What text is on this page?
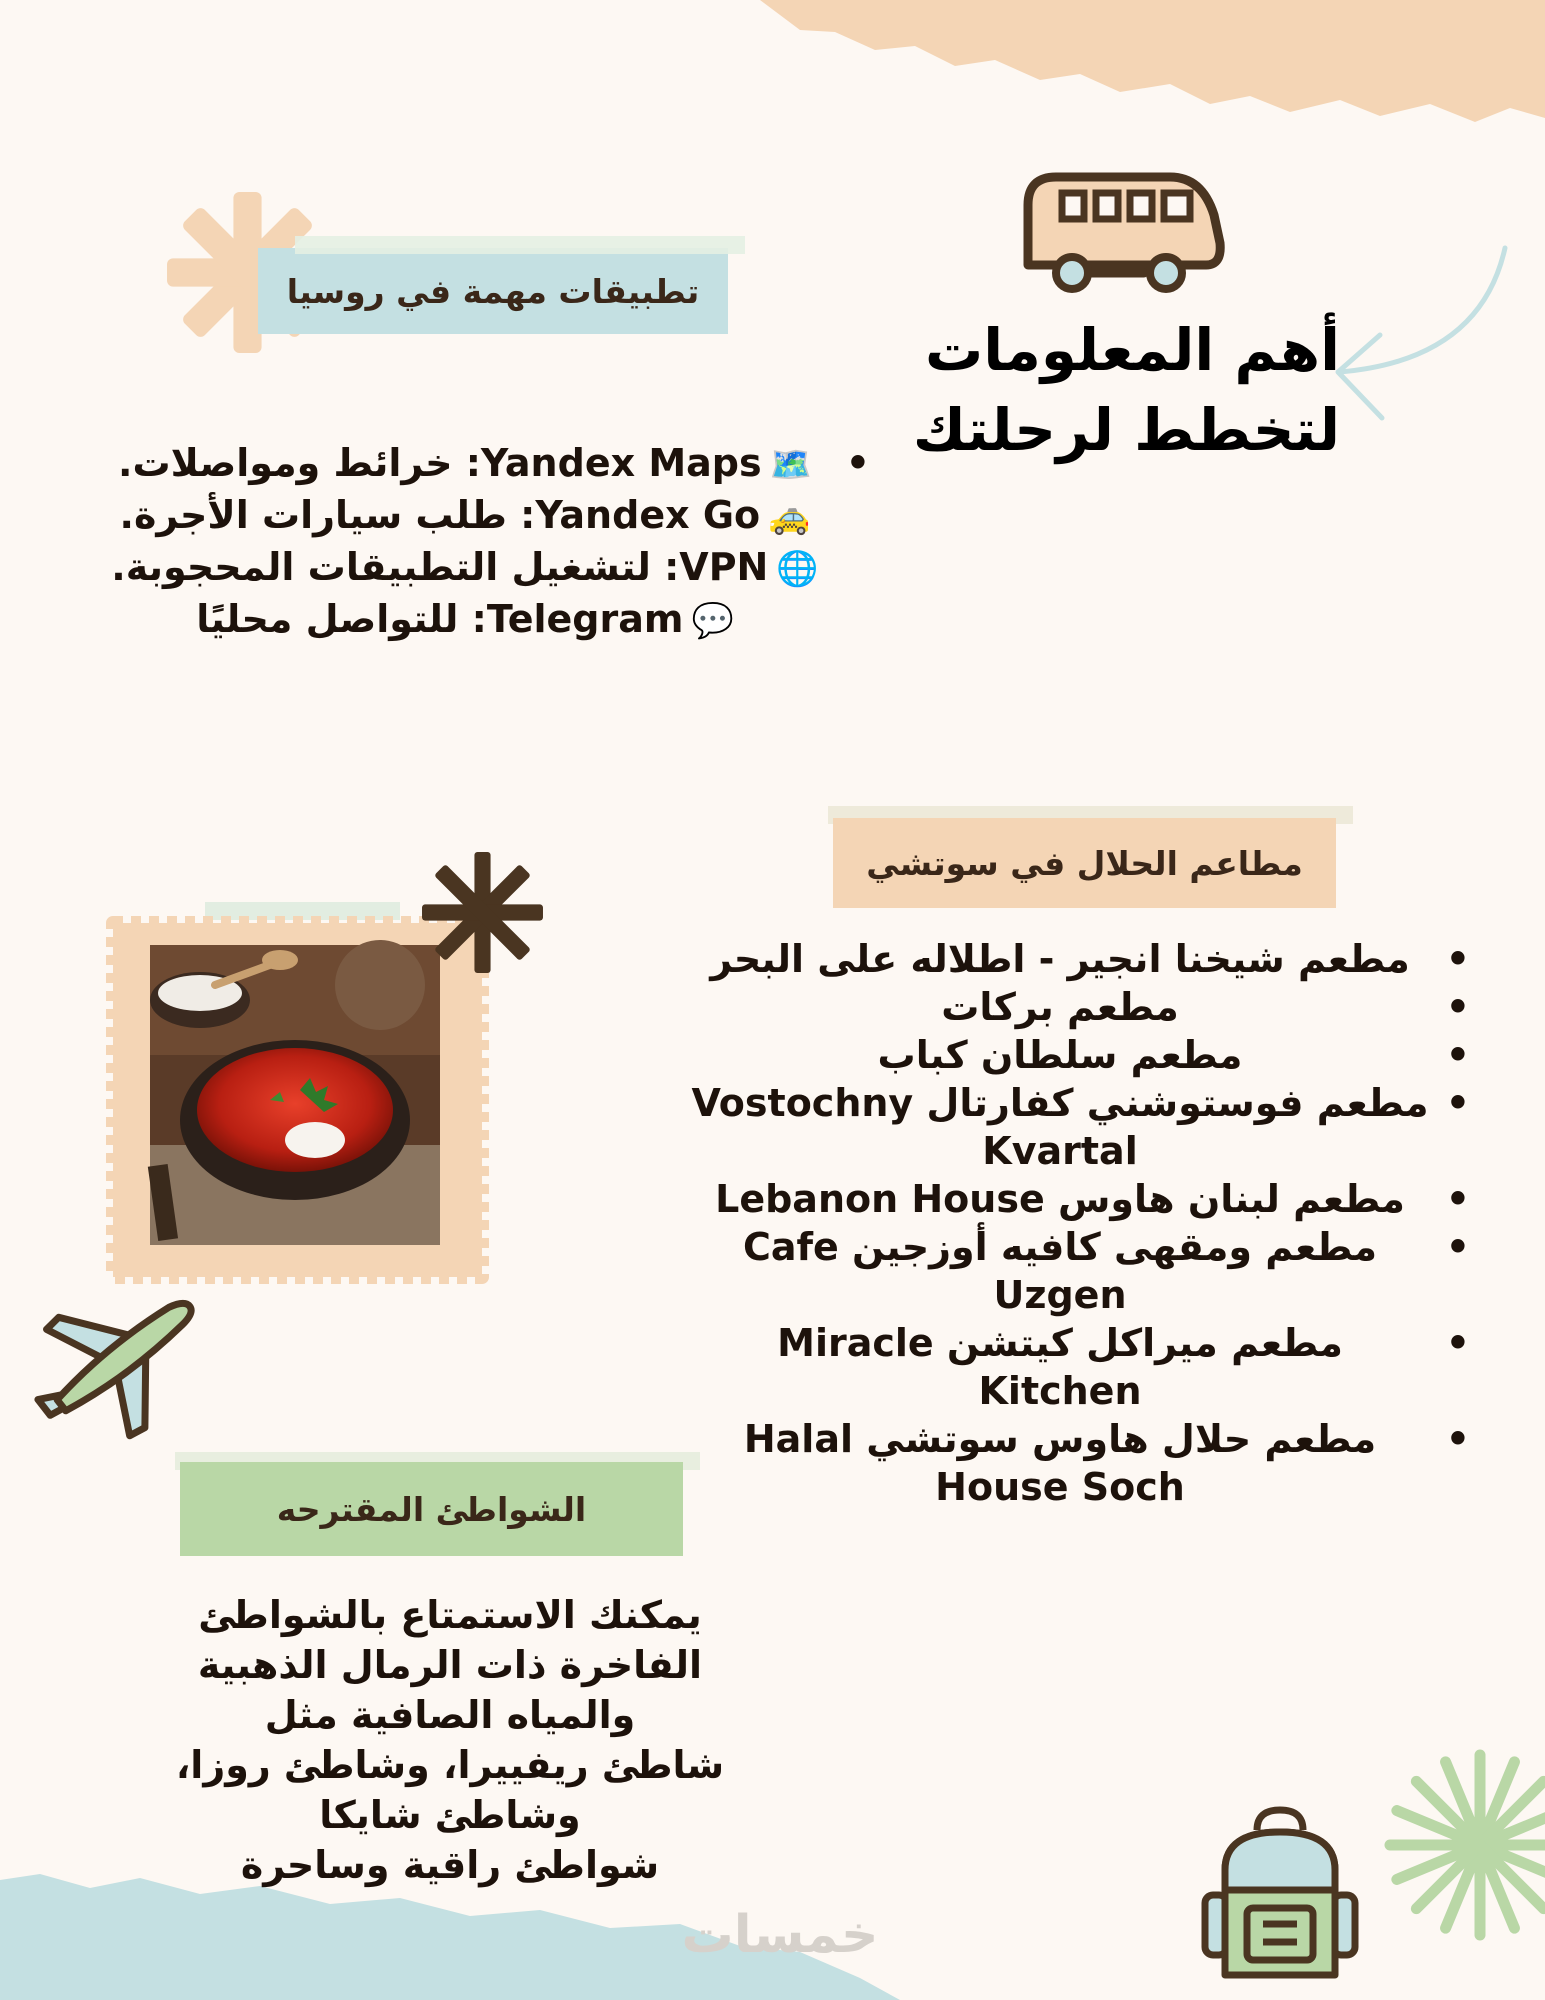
أهم المعلومات
لتخطط لرحلتك
تطبيقات مهمة في روسيا
•
🗺️Yandex Maps: خرائط ومواصلات.
🚕Yandex Go: طلب سيارات الأجرة.
🌐VPN: لتشغيل التطبيقات المحجوبة.
💬Telegram: للتواصل محليًا
مطاعم الحلال في سوتشي
•
مطعم شيخنا انجير - اطلاله على البحر
•
مطعم بركات
•
مطعم سلطان كباب
•
مطعم فوستوشني كفارتال Vostochny Kvartal
•
مطعم لبنان هاوس Lebanon House
•
مطعم ومقهى كافيه أوزجين Cafe Uzgen
•
مطعم ميراكل كيتشن Miracle Kitchen
•
مطعم حلال هاوس سوتشي Halal House Soch
الشواطئ المقترحه
يمكنك الاستمتاع بالشواطئ
الفاخرة ذات الرمال الذهبية
والمياه الصافية مثل
شاطئ ريفييرا، وشاطئ روزا،
وشاطئ شايكا
شواطئ راقية وساحرة
خمسات
